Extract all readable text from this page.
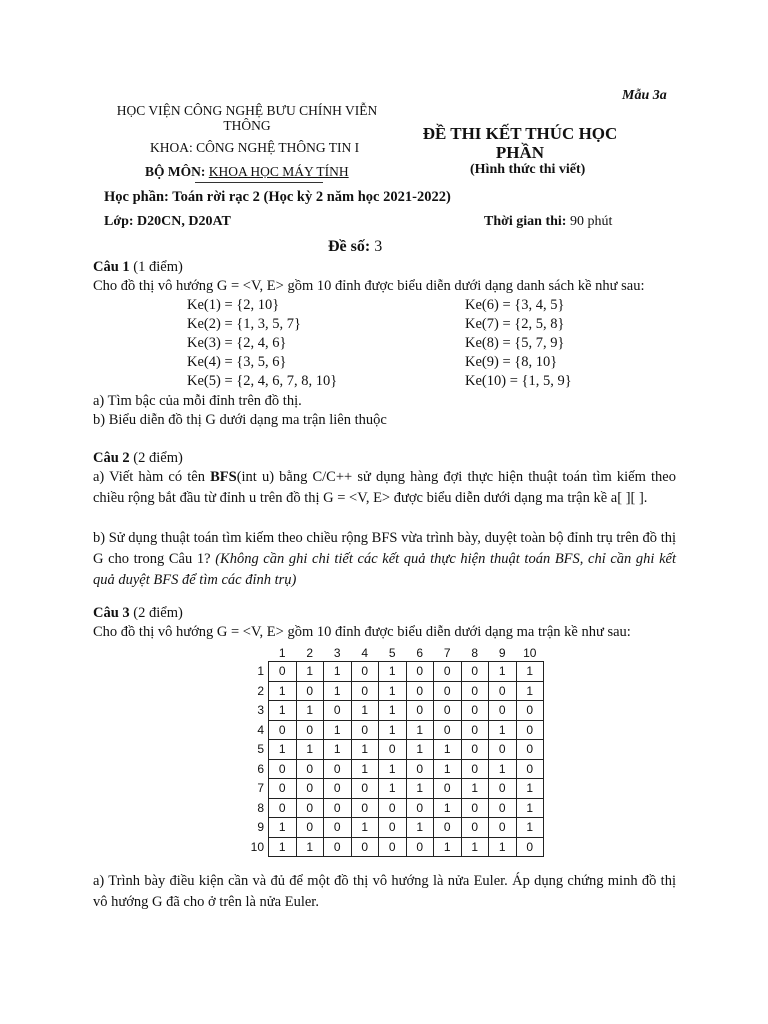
Mẫu 3a
HỌC VIỆN CÔNG NGHỆ BƯU CHÍNH VIỄN THÔNG
KHOA: CÔNG NGHỆ THÔNG TIN I
BỘ MÔN: KHOA HỌC MÁY TÍNH
ĐỀ THI KẾT THÚC HỌC PHẦN
(Hình thức thi viết)
Học phần: Toán rời rạc 2 (Học kỳ 2 năm học 2021-2022)
Lớp: D20CN, D20AT	Thời gian thi: 90 phút
Đề số: 3
Câu 1 (1 điểm)
Cho đồ thị vô hướng G = <V, E> gồm 10 đỉnh được biểu diễn dưới dạng danh sách kề như sau:
Ke(1) = {2, 10}
Ke(2) = {1, 3, 5, 7}
Ke(3) = {2, 4, 6}
Ke(4) = {3, 5, 6}
Ke(5) = {2, 4, 6, 7, 8, 10}
Ke(6) = {3, 4, 5}
Ke(7) = {2, 5, 8}
Ke(8) = {5, 7, 9}
Ke(9) = {8, 10}
Ke(10) = {1, 5, 9}
a) Tìm bậc của mỗi đỉnh trên đồ thị.
b) Biểu diễn đồ thị G dưới dạng ma trận liên thuộc
Câu 2 (2 điểm)
a) Viết hàm có tên BFS(int u) bằng C/C++ sử dụng hàng đợi thực hiện thuật toán tìm kiếm theo chiều rộng bắt đầu từ đỉnh u trên đồ thị G = <V, E> được biểu diễn dưới dạng ma trận kề a[ ][ ].
b) Sử dụng thuật toán tìm kiếm theo chiều rộng BFS vừa trình bày, duyệt toàn bộ đỉnh trụ trên đồ thị G cho trong Câu 1? (Không cần ghi chi tiết các kết quả thực hiện thuật toán BFS, chỉ cần ghi kết quả duyệt BFS để tìm các đỉnh trụ)
Câu 3 (2 điểm)
Cho đồ thị vô hướng G = <V, E> gồm 10 đỉnh được biểu diễn dưới dạng ma trận kề như sau:
	1	2	3	4	5	6	7	8	9	10
1	0	1	1	0	1	0	0	0	1	1
2	1	0	1	0	1	0	0	0	0	1
3	1	1	0	1	1	0	0	0	0	0
4	0	0	1	0	1	1	0	0	1	0
5	1	1	1	1	0	1	1	0	0	0
6	0	0	0	1	1	0	1	0	1	0
7	0	0	0	0	1	1	0	1	0	1
8	0	0	0	0	0	0	1	0	0	1
9	1	0	0	1	0	1	0	0	0	1
10	1	1	0	0	0	0	1	1	1	0
a) Trình bày điều kiện cần và đủ để một đồ thị vô hướng là nửa Euler. Áp dụng chứng minh đồ thị vô hướng G đã cho ở trên là nửa Euler.
